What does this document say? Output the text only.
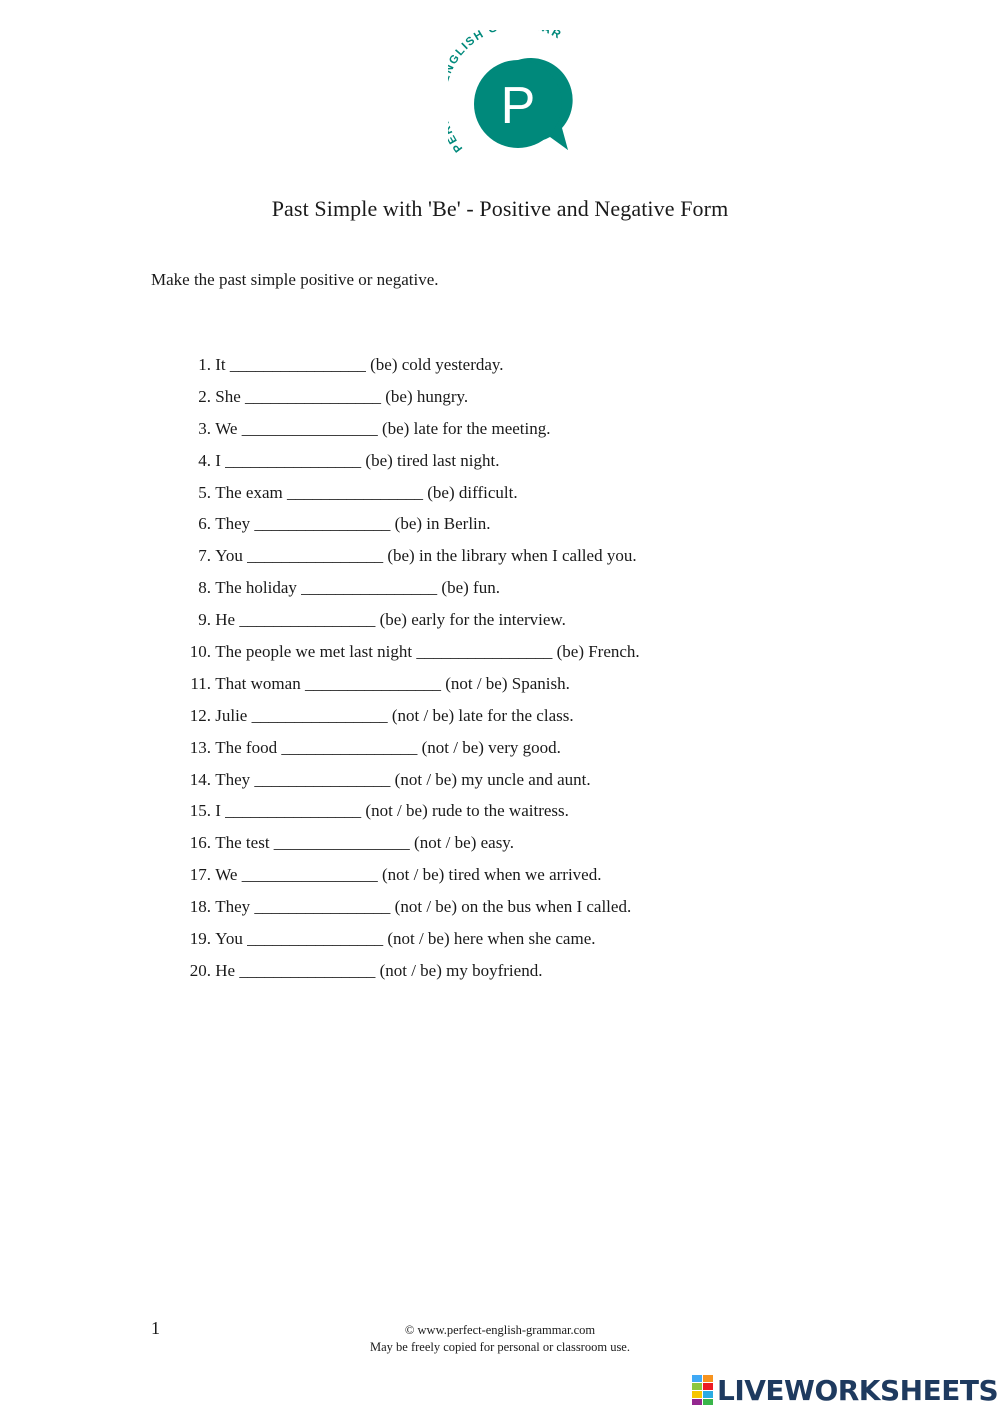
P GLISH R
P
Past Simple with 'Be' - Positive and Negative Form
Make the past simple positive or negative.
1. It ________________ (be) cold yesterday.
2. She ________________ (be) hungry.
3. We ________________ (be) late for the meeting.
4. I ________________ (be) tired last night.
5. The exam ________________ (be) difficult.
6. They ________________ (be) in Berlin.
7. You ________________ (be) in the library when I called you.
8. The holiday ________________ (be) fun.
9. He ________________ (be) early for the interview.
10. The people we met last night ________________ (be) French.
11. That woman ________________ (not / be) Spanish.
12. Julie ________________ (not / be) late for the class.
13. The food ________________ (not / be) very good.
14. They ________________ (not / be) my uncle and aunt.
15. I ________________ (not / be) rude to the waitress.
16. The test ________________ (not / be) easy.
17. We ________________ (not / be) tired when we arrived.
18. They ________________ (not / be) on the bus when I called.
19. You ________________ (not / be) here when she came.
20. He ________________ (not / be) my boyfriend.
1	© www.perfect-english-grammar.com
May be freely copied for personal or classroom use.
LIVEWORKSHEETS
